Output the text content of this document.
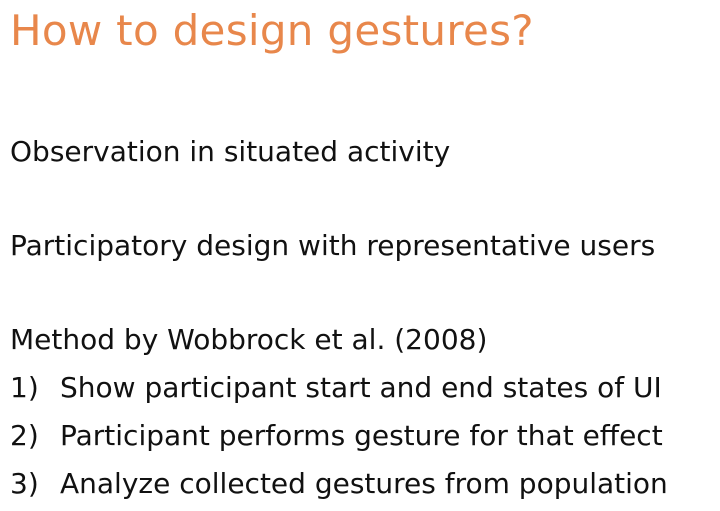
How to design gestures?

Observation in situated activity

Participatory design with representative users

Method by Wobbrock et al. (2008)

1) Show participant start and end states of UI

2) Participant performs gesture for that effect

3) Analyze collected gestures from population
